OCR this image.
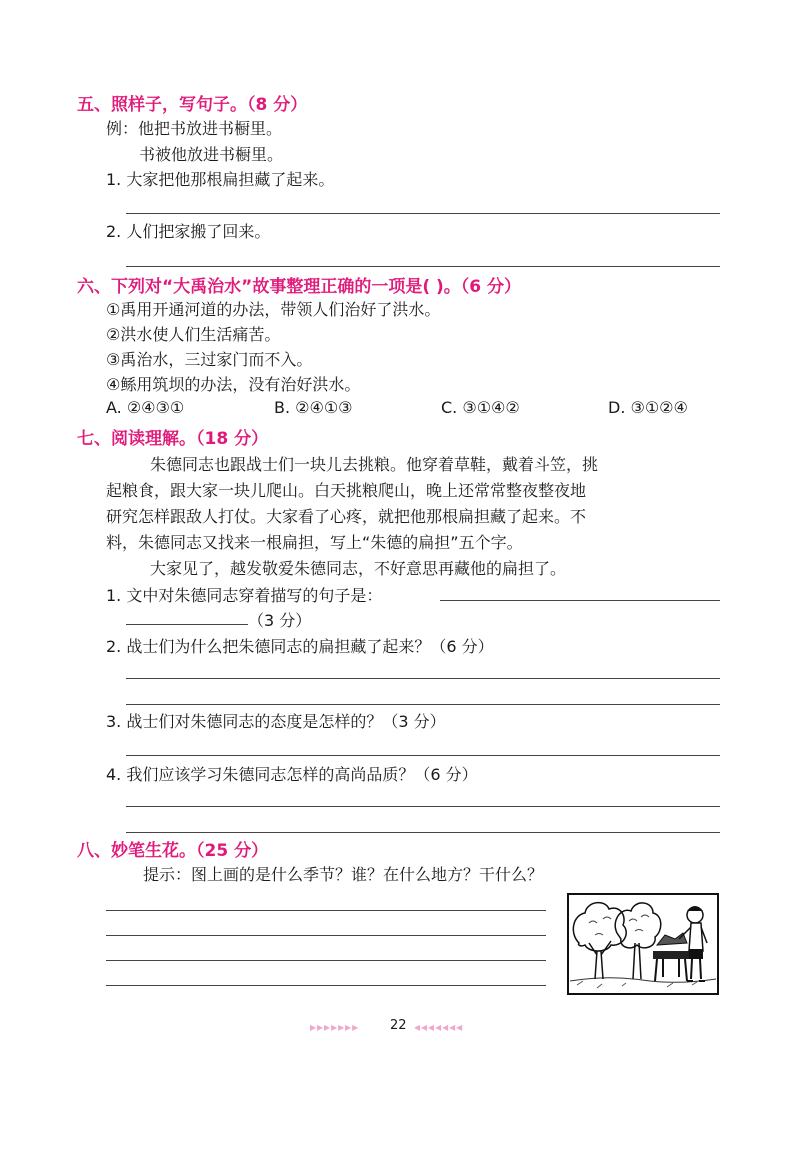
五、照样子，写句子。（8 分）
例：他把书放进书橱里。
书被他放进书橱里。
1. 大家把他那根扁担藏了起来。
2. 人们把家搬了回来。
六、下列对“大禹治水”故事整理正确的一项是( )。（6 分）
①禹用开通河道的办法，带领人们治好了洪水。
②洪水使人们生活痛苦。
③禹治水，三过家门而不入。
④鲧用筑坝的办法，没有治好洪水。
A. ②④③①	B. ②④①③	C. ③①④②	D. ③①②④
七、阅读理解。（18 分）
朱德同志也跟战士们一块儿去挑粮。他穿着草鞋，戴着斗笠，挑
起粮食，跟大家一块儿爬山。白天挑粮爬山，晚上还常常整夜整夜地
研究怎样跟敌人打仗。大家看了心疼，就把他那根扁担藏了起来。不
料，朱德同志又找来一根扁担，写上“朱德的扁担”五个字。
大家见了，越发敬爱朱德同志，不好意思再藏他的扁担了。
1. 文中对朱德同志穿着描写的句子是：
（3 分）
2. 战士们为什么把朱德同志的扁担藏了起来？（6 分）
3. 战士们对朱德同志的态度是怎样的？（3 分）
4. 我们应该学习朱德同志怎样的高尚品质？（6 分）
八、妙笔生花。（25 分）
提示：图上画的是什么季节？谁？在什么地方？干什么？
▸▸▸▸▸▸▸ 22 ◂◂◂◂◂◂◂
